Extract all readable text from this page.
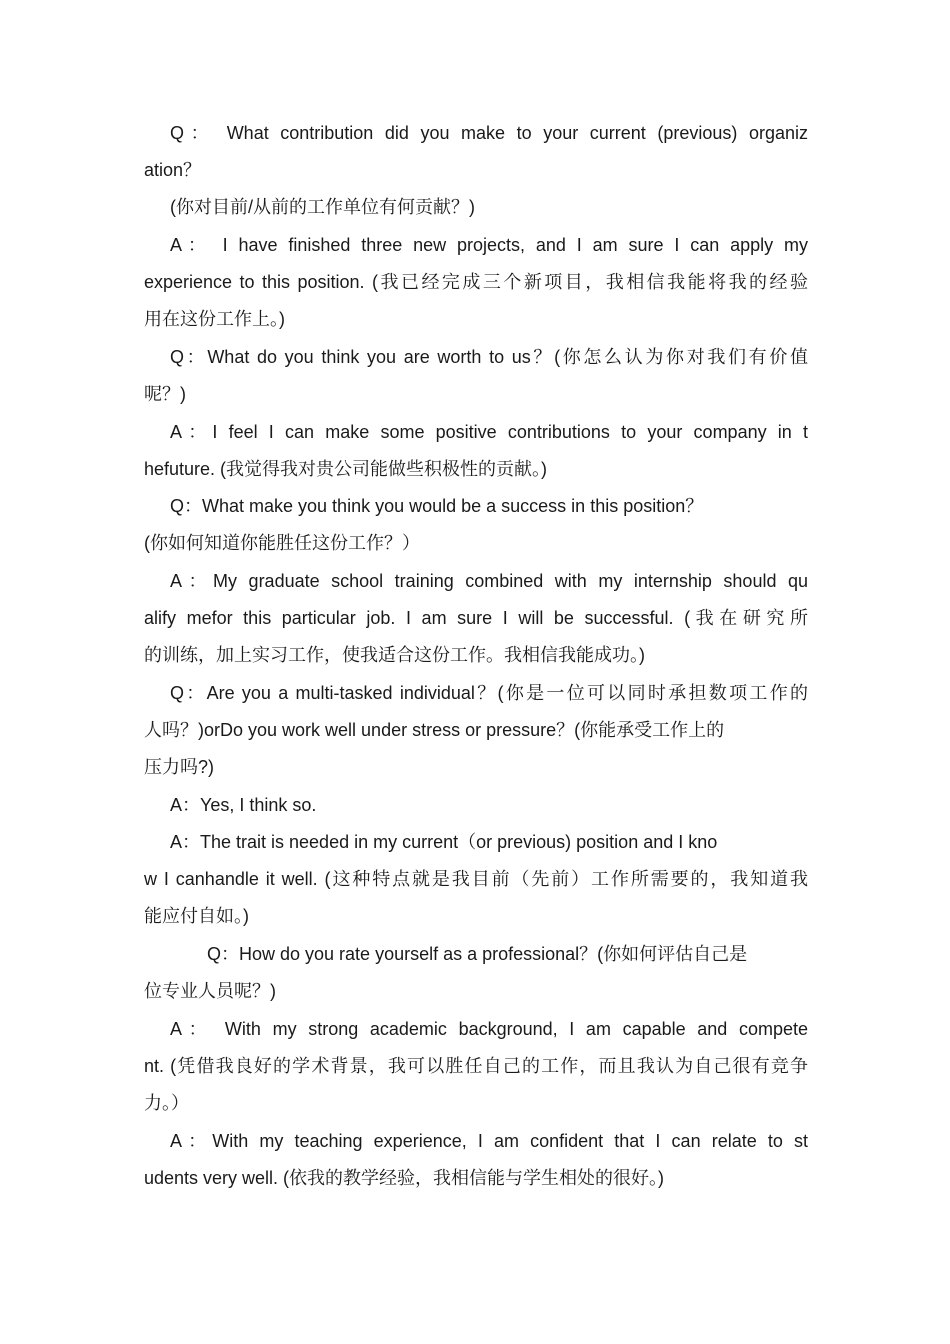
Q： What contribution did you make to your current (previous) organiz
ation？
(你对目前/从前的工作单位有何贡献？)
A： I have finished three new projects, and I am sure I can apply my
experience to this position. (我已经完成三个新项目，我相信我能将我的经验
用在这份工作上。)
Q：What do you think you are worth to us？(你怎么认为你对我们有价值
呢？)
A：I feel I can make some positive contributions to your company in t
hefuture. (我觉得我对贵公司能做些积极性的贡献。)
Q：What make you think you would be a success in this position？
(你如何知道你能胜任这份工作？）
A：My graduate school training combined with my internship should qu
alify mefor this particular job. I am sure I will be successful. (我在研究所
的训练，加上实习工作，使我适合这份工作。我相信我能成功。)
Q：Are you a multi-tasked individual？(你是一位可以同时承担数项工作的
人吗？)orDo you work well under stress or pressure？(你能承受工作上的
压力吗?)
A：Yes, I think so.
A：The trait is needed in my current（or previous) position and I kno
w I canhandle it well. (这种特点就是我目前（先前）工作所需要的，我知道我
能应付自如。)
Q：How do you rate yourself as a professional？(你如何评估自己是
位专业人员呢？)
A： With my strong academic background, I am capable and compete
nt. (凭借我良好的学术背景，我可以胜任自己的工作，而且我认为自己很有竞争
力。）
A：With my teaching experience, I am confident that I can relate to st
udents very well. (依我的教学经验，我相信能与学生相处的很好。)
